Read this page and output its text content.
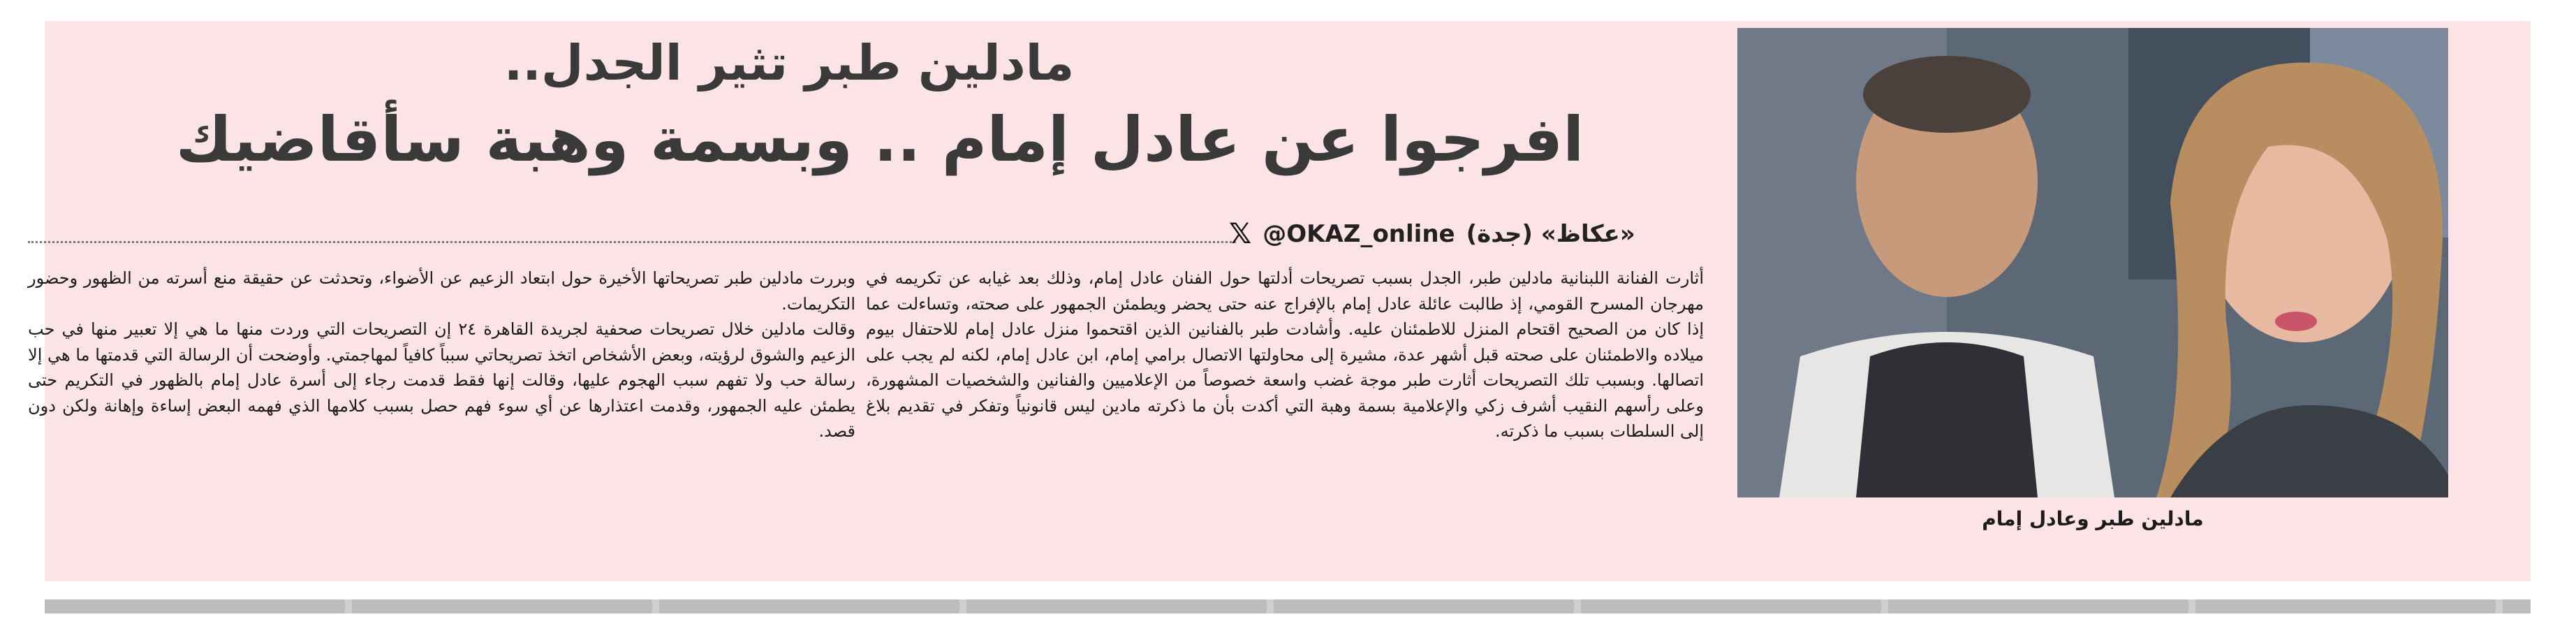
مادلين طبر وعادل إمام
مادلين طبر تثير الجدل..
افرجوا عن عادل إمام .. وبسمة وهبة سأقاضيك
«عكاظ» (جدة)
@OKAZ_online
𝕏

أثارت الفنانة اللبنانية مادلين طبر، الجدل بسبب تصريحات أدلتها حول الفنان عادل إمام، وذلك بعد غيابه عن تكريمه في مهرجان المسرح القومي، إذ طالبت عائلة عادل إمام بالإفراج عنه حتى يحضر ويطمئن الجمهور على صحته، وتساءلت عما إذا كان من الصحيح اقتحام المنزل للاطمئنان عليه. وأشادت طبر بالفنانين الذين اقتحموا منزل عادل إمام للاحتفال بيوم ميلاده والاطمئنان على صحته قبل أشهر عدة، مشيرة إلى محاولتها الاتصال برامي إمام، ابن عادل إمام، لكنه لم يجب على اتصالها. وبسبب تلك التصريحات أثارت طبر موجة غضب واسعة خصوصاً من الإعلاميين والفنانين والشخصيات المشهورة، وعلى رأسهم النقيب أشرف زكي والإعلامية بسمة وهبة التي أكدت بأن ما ذكرته مادين ليس قانونياً وتفكر في تقديم بلاغ إلى السلطات بسبب ما ذكرته.

وبررت مادلين طبر تصريحاتها الأخيرة حول ابتعاد الزعيم عن الأضواء، وتحدثت عن حقيقة منع أسرته من الظهور وحضور التكريمات.

وقالت مادلين خلال تصريحات صحفية لجريدة القاهرة ٢٤ إن التصريحات التي وردت منها ما هي إلا تعبير منها في حب الزعيم والشوق لرؤيته، وبعض الأشخاص اتخذ تصريحاتي سبباً كافياً لمهاجمتي. وأوضحت أن الرسالة التي قدمتها ما هي إلا رسالة حب ولا تفهم سبب الهجوم عليها، وقالت إنها فقط قدمت رجاء إلى أسرة عادل إمام بالظهور في التكريم حتى يطمئن عليه الجمهور، وقدمت اعتذارها عن أي سوء فهم حصل بسبب كلامها الذي فهمه البعض إساءة وإهانة ولكن دون قصد.
